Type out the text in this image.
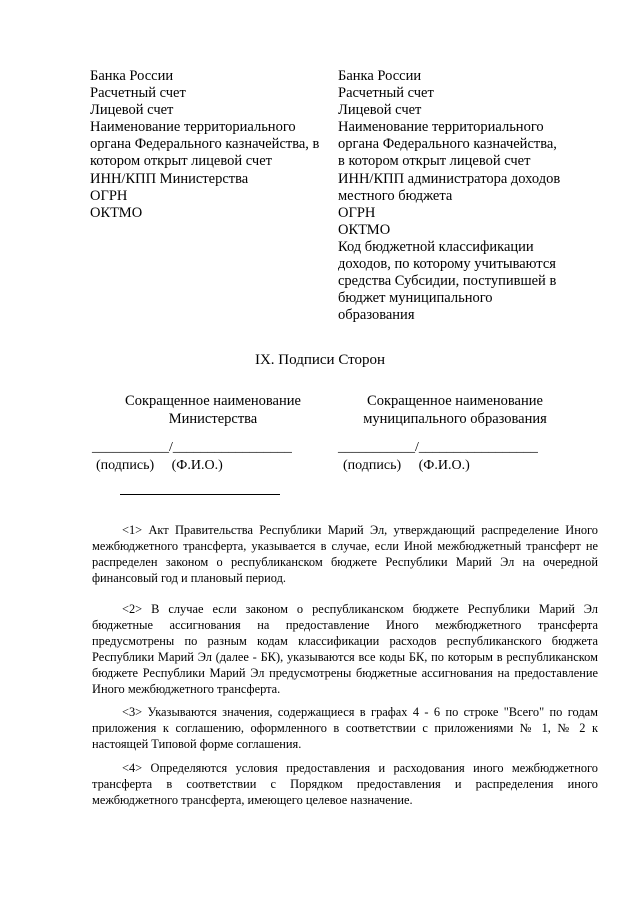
Банка России
Расчетный счет
Лицевой счет
Наименование территориального
органа Федерального казначейства, в
котором открыт лицевой счет
ИНН/КПП Министерства
ОГРН
ОКТМО
Банка России
Расчетный счет
Лицевой счет
Наименование территориального
органа Федерального казначейства,
в котором открыт лицевой счет
ИНН/КПП администратора доходов
местного бюджета
ОГРН
ОКТМО
Код бюджетной классификации
доходов, по которому учитываются
средства Субсидии, поступившей в
бюджет муниципального
образования
IX. Подписи Сторон
Сокращенное наименование
Министерства
Сокращенное наименование
муниципального образования
___________/_________________	___________/_________________
(подпись)     (Ф.И.О.)	(подпись)     (Ф.И.О.)
<1> Акт Правительства Республики Марий Эл, утверждающий распределение Иного межбюджетного трансферта, указывается в случае, если Иной межбюджетный трансферт не распределен законом о республиканском бюджете Республики Марий Эл на очередной финансовый год и плановый период.
<2> В случае если законом о республиканском бюджете Республики Марий Эл бюджетные ассигнования на предоставление Иного межбюджетного трансферта предусмотрены по разным кодам классификации расходов республиканского бюджета Республики Марий Эл (далее - БК), указываются все коды БК, по которым в республиканском бюджете Республики Марий Эл предусмотрены бюджетные ассигнования на предоставление Иного межбюджетного трансферта.
<3> Указываются значения, содержащиеся в графах 4 - 6 по строке "Всего" по годам приложения к соглашению, оформленного в соответствии с приложениями № 1, № 2 к настоящей Типовой форме соглашения.
<4> Определяются условия предоставления и расходования иного межбюджетного трансферта в соответствии с Порядком предоставления и распределения иного межбюджетного трансферта, имеющего целевое назначение.
